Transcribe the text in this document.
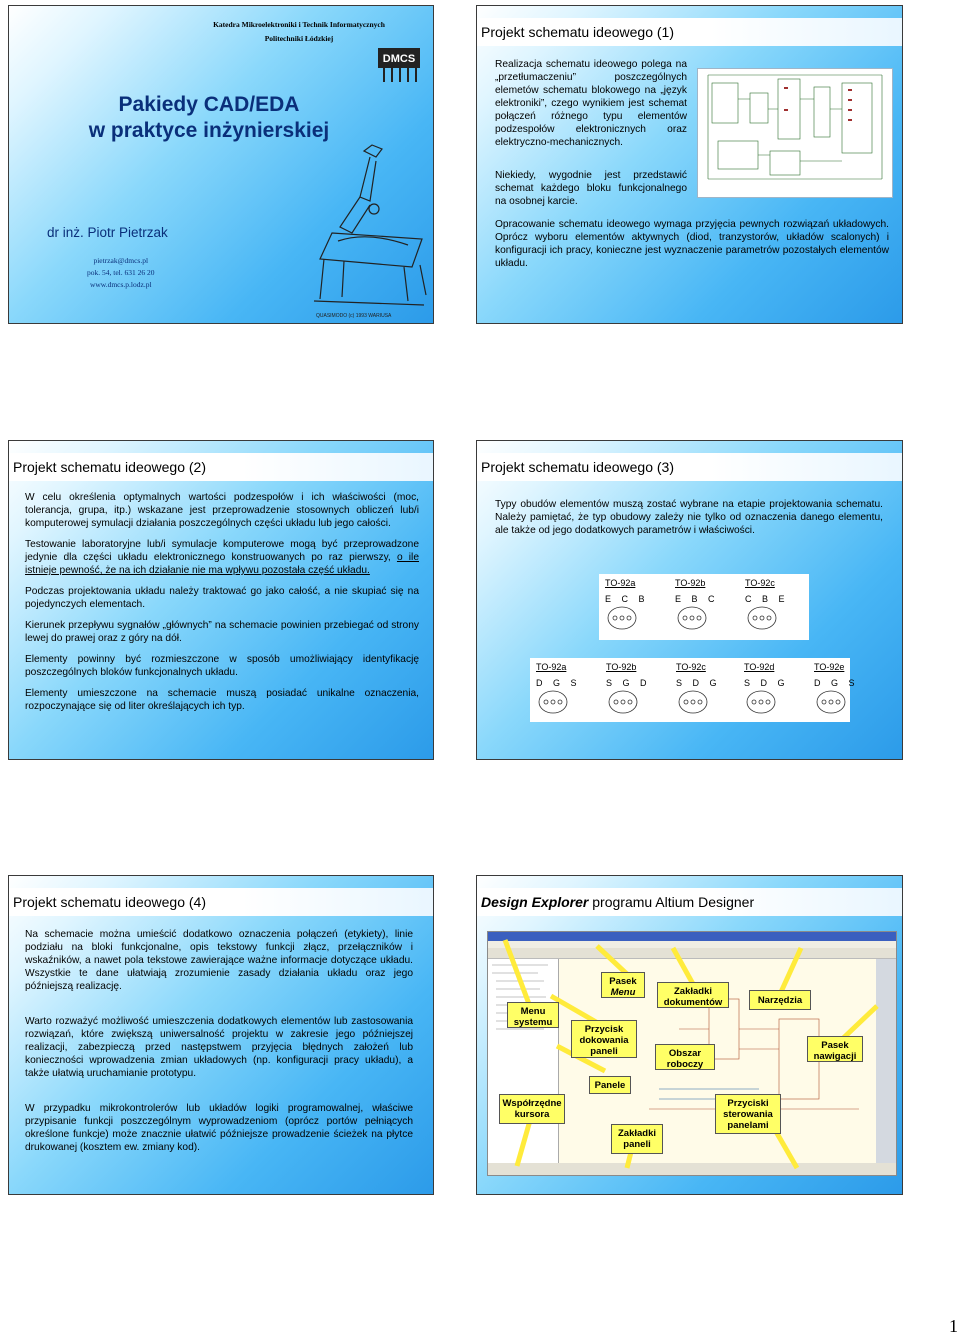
Katedra Mikroelektroniki i Technik Informatycznych
Politechniki Łódzkiej
DMCS
Pakiedy CAD/EDA
w praktyce inżynierskiej
dr inż. Piotr Pietrzak
pietrzak@dmcs.pl
pok. 54, tel. 631 26 20
www.dmcs.p.lodz.pl
QUASIMODO (c) 1993 WARIUSA
Projekt schematu ideowego (1)
Realizacja schematu ideowego polega na „przetłumaczeniu” poszczególnych elemetów schematu blokowego na „język elektroniki”, czego wynikiem jest schemat połączeń różnego typu elementów podzespołów elektronicznych oraz elektryczno-mechanicznych.
Niekiedy, wygodnie jest przedstawić schemat każdego bloku funkcjonalnego na osobnej karcie.
Opracowanie schematu ideowego wymaga przyjęcia pewnych rozwiązań układowych. Oprócz wyboru elementów aktywnych (diod, tranzystorów, układów scalonych) i konfiguracji ich pracy, konieczne jest wyznaczenie parametrów pozostałych elementów układu.
Projekt schematu ideowego (2)

W celu określenia optymalnych wartości podzespołów i ich właściwości (moc, tolerancja, grupa, itp.) wskazane jest przeprowadzenie stosownych obliczeń lub/i komputerowej symulacji działania poszczególnych części układu lub jego całości.

Testowanie laboratoryjne lub/i symulacje komputerowe mogą być przeprowadzone jedynie dla części układu elektronicznego konstruowanych po raz pierwszy, o ile istnieje pewność, że na ich działanie nie ma wpływu pozostała część układu.

Podczas projektowania układu należy traktować go jako całość, a nie skupiać się na pojedynczych elementach.

Kierunek przepływu sygnałów „głównych” na schemacie powinien przebiegać od strony lewej do prawej oraz z góry na dół.

Elementy powinny być rozmieszczone w sposób umożliwiający identyfikację poszczególnych bloków funkcjonalnych układu.

Elementy umieszczone na schemacie muszą posiadać unikalne oznaczenia, rozpoczynające się od liter określających ich typ.

Projekt schematu ideowego (3)
Typy obudów elementów muszą zostać wybrane na etapie projektowania schematu. Należy pamiętać, że typ obudowy zależy nie tylko od oznaczenia danego elementu, ale także od jego dodatkowych parametrów i właściwości.
TO-92a
E C B
TO-92b
E B C
TO-92c
C B E
TO-92a
D G S
TO-92b
S G D
TO-92c
S D G
TO-92d
S D G
TO-92e
D G S
Projekt schematu ideowego (4)

Na schemacie można umieścić dodatkowo oznaczenia połączeń (etykiety), linie podziału na bloki funkcjonalne, opis tekstowy funkcji złącz, przełączników i wskaźników, a nawet pola tekstowe zawierające ważne informacje dotyczące układu. Wszystkie te dane ułatwiają zrozumienie zasady działania układu oraz jego późniejszą realizację.

Warto rozważyć możliwość umieszczenia dodatkowych elementów lub zastosowania rozwiązań, które zwiększą uniwersalność projektu w zakresie jego późniejszej realizacji, zabezpieczą przed następstwem przyjęcia błędnych założeń lub konieczności wprowadzenia zmian układowych (np. konfiguracji pracy układu), a także ułatwią uruchamianie prototypu.

W przypadku mikrokontrolerów lub układów logiki programowalnej, właściwe przypisanie funkcji poszczególnym wyprowadzeniom (oprócz portów pełniących określone funkcje) może znacznie ułatwić późniejsze prowadzenie ścieżek na płytce drukowanej (kosztem ew. zmiany kod).

Design Explorer programu Altium Designer
Menu systemu
Pasek
Menu
Przycisk dokowania paneli
Zakładki dokumentów	Narzędzia
Obszar roboczy
Pasek nawigacji
Panele
Współrzędne kursora
Przyciski sterowania panelami
Zakładki paneli
1
